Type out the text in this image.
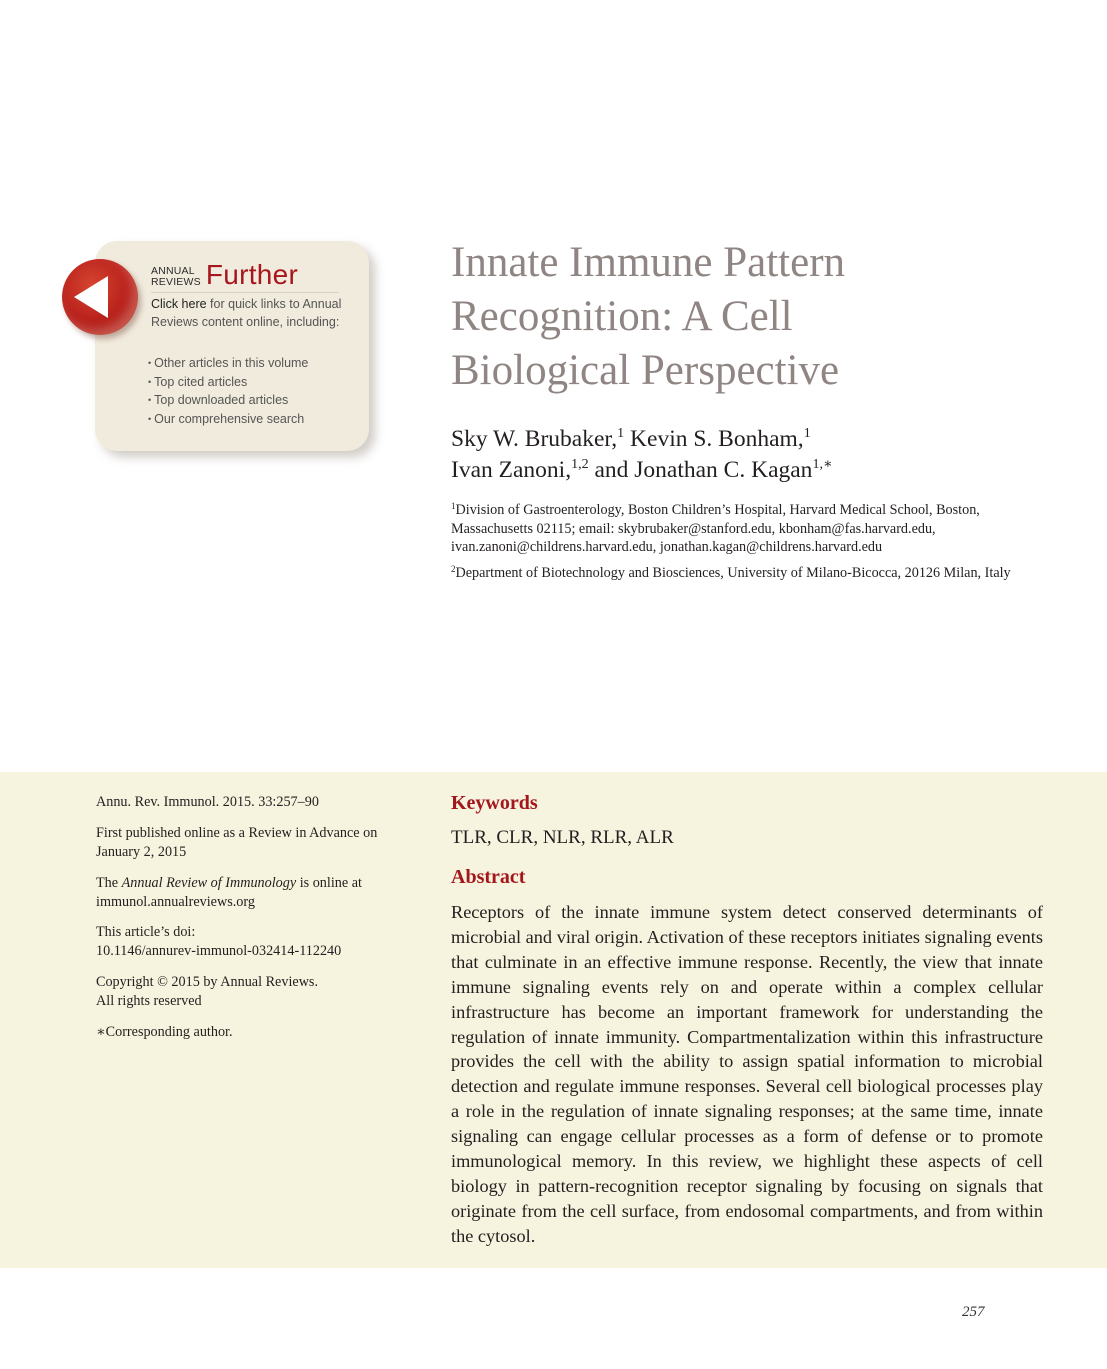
ANNUAL
REVIEWS Further
Click here for quick links to Annual Reviews content online, including:
• Other articles in this volume
• Top cited articles
• Top downloaded articles
• Our comprehensive search
Innate Immune Pattern
Recognition: A Cell
Biological Perspective
Sky W. Brubaker,$^1$ Kevin S. Bonham,$^1$
Ivan Zanoni,$^{1,2}$ and Jonathan C. Kagan$^{1,∗}$
$^1$Division of Gastroenterology, Boston Children’s Hospital, Harvard Medical School, Boston, Massachusetts 02115; email: skybrubaker@stanford.edu, kbonham@fas.harvard.edu, ivan.zanoni@childrens.harvard.edu, jonathan.kagan@childrens.harvard.edu
$^2$Department of Biotechnology and Biosciences, University of Milano-Bicocca, 20126 Milan, Italy
Annu. Rev. Immunol. 2015. 33:257–90
First published online as a Review in Advance on January 2, 2015
The Annual Review of Immunology is online at immunol.annualreviews.org
This article’s doi:
10.1146/annurev-immunol-032414-112240
Copyright © 2015 by Annual Reviews.
All rights reserved
∗Corresponding author.
Keywords
TLR, CLR, NLR, RLR, ALR
Abstract

Receptors of the innate immune system detect conserved determinants of microbial and viral origin. Activation of these receptors initiates signaling events that culminate in an effective immune response. Recently, the view that innate immune signaling events rely on and operate within a complex cellular infrastructure has become an important framework for understanding the regulation of innate immunity. Compartmentalization within this infrastructure provides the cell with the ability to assign spatial information to microbial detection and regulate immune responses. Several cell biological processes play a role in the regulation of innate signaling responses; at the same time, innate signaling can engage cellular processes as a form of defense or to promote immunological memory. In this review, we highlight these aspects of cell biology in pattern-recognition receptor signaling by focusing on signals that originate from the cell surface, from endosomal compartments, and from within the cytosol.

257
